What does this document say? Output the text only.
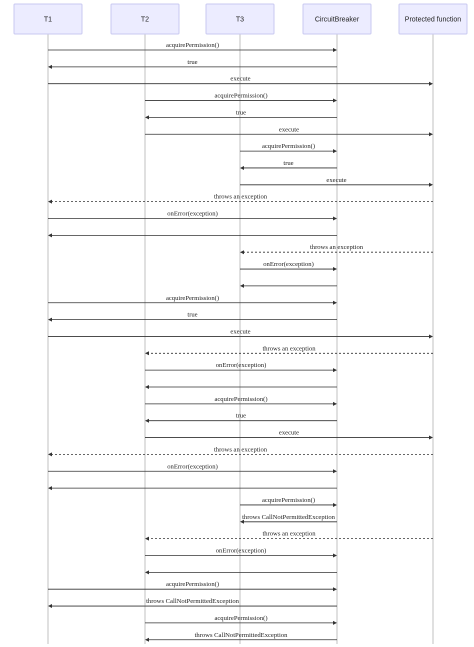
T1	T2	T3	CircuitBreaker	Protected function
acquirePermission()
true
execute
acquirePermission()
true
execute
acquirePermission()
true
execute
throws an exception
onError(exception)
throws an exception
onError(exception)
acquirePermission()
true
execute
throws an exception
onError(exception)
acquirePermission()
true
execute
throws an exception
onError(exception)
acquirePermission()
throws CallNotPermittedException
throws an exception
onError(exception)
acquirePermission()
throws CallNotPermittedException
acquirePermission()
throws CallNotPermittedException
